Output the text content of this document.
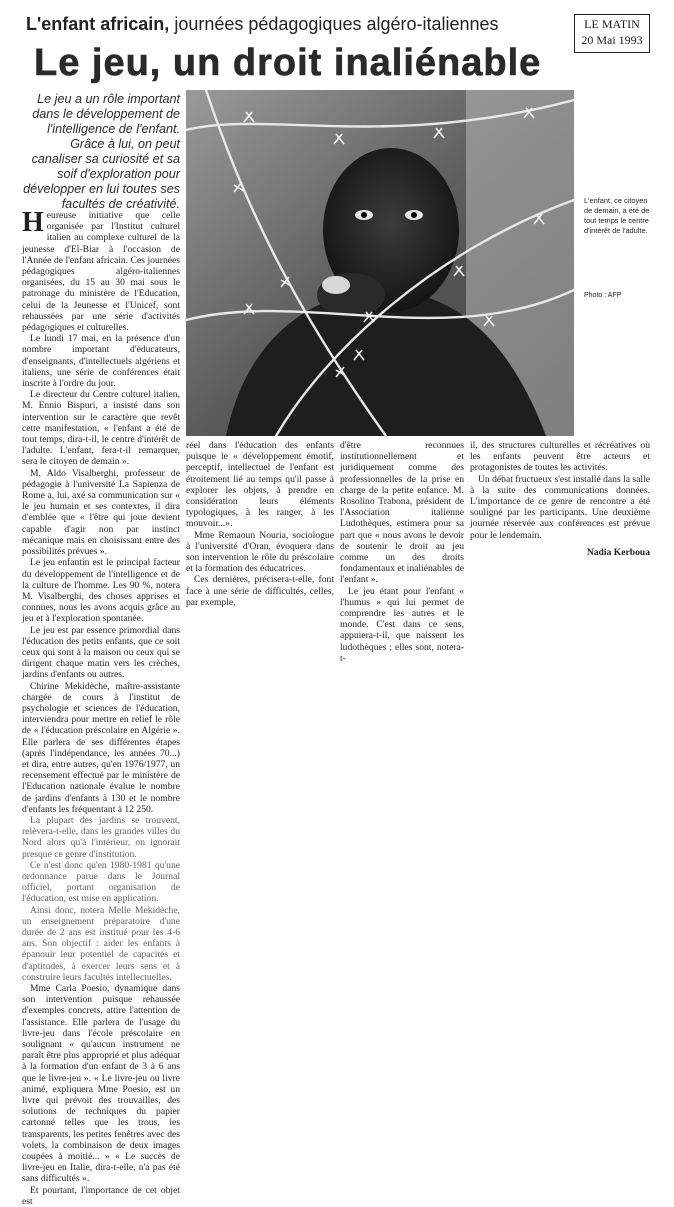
L'enfant africain, journées pédagogiques algéro-italiennes	LE MATIN
20 Mai 1993
Le jeu, un droit inaliénable
Le jeu a un rôle important dans le développement de l'intelligence de l'enfant. Grâce à lui, on peut canaliser sa curiosité et sa soif d'exploration pour développer en lui toutes ses facultés de créativité.	L'enfant, ce citoyen de demain, a été de tout temps le centre d'intérêt de l'adulte.
Photo : AFP

Heureuse initiative que celle organisée par l'Institut culturel italien au complexe culturel de la jeunesse d'El-Biar à l'occasion de l'Année de l'enfant africain. Ces journées pédagogiques algéro-italiennes organisées, du 15 au 30 mai sous le patronage du ministère de l'Education, celui de la Jeunesse et l'Unicef, sont rehaussées par une série d'activités pédagogiques et culturelles.

Le lundi 17 mai, en la présence d'un nombre important d'éducateurs, d'enseignants, d'intellectuels algériens et italiens, une série de conférences était inscrite à l'ordre du jour.

Le directeur du Centre culturel italien, M. Ennio Bispuri, a insisté dans son intervention sur le caractère que revêt cette manifestation, « l'enfant a été de tout temps, dira-t-il, le centre d'intérêt de l'adulte. L'enfant, fera-t-il remarquer, sera le citoyen de demain ».

M. Aldo Visalberghi, professeur de pédagogie à l'université La Sapienza de Rome a, lui, axé sa communication sur « le jeu humain et ses contextes, il dira d'emblée que « l'être qui joue devient capable d'agir non par instinct mécanique mais en choisissant entre des possibilités prévues ».

Le jeu enfantin est le principal facteur du développement de l'intelligence et de la culture de l'homme. Les 90 %, notera M. Visalberghi, des choses apprises et connues, nous les avons acquis grâce au jeu et à l'exploration spontanée.

Le jeu est par essence primordial dans l'éducation des petits enfants, que ce soit ceux qui sont à la maison ou ceux qui se dirigent chaque matin vers les crèches, jardins d'enfants ou autres.

Chirine Mekidèche, maître-assistante chargée de cours à l'institut de psychologie et sciences de l'éducation, interviendra pour mettre en relief le rôle de « l'éducation préscolaire en Algérie ». Elle parlera de ses différentes étapes (après l'indépendance, les années 70...) et dira, entre autres, qu'en 1976/1977, un recensement effectué par le ministère de l'Education nationale évalue le nombre de jardins d'enfants à 130 et le nombre d'enfants les fréquentant à 12 250.

La plupart des jardins se trouvent, relèvera-t-elle, dans les grandes villes du Nord alors qu'à l'intérieur, on ignorait presque ce genre d'institution.

Ce n'est donc qu'en 1980-1981 qu'une ordonnance parue dans le Journal officiel, portant organisation de l'éducation, est mise en application.

Ainsi donc, notera Melle Mekidèche, un enseignement préparatoire d'une durée de 2 ans est institué pour les 4-6 ans. Son objectif : aider les enfants à épanouir leur potentiel de capacités et d'aptitudes, à exercer leurs sens et à construire leurs facultés intellectuelles.

Mme Carla Poesio, dynamique dans son intervention puisque rehaussée d'exemples concrets, attire l'attention de l'assistance. Elle parlera de l'usage du livre-jeu dans l'école préscolaire en soulignant « qu'aucun instrument ne paraît être plus approprié et plus adéquat à la formation d'un enfant de 3 à 6 ans que le livre-jeu ». « Le livre-jeu ou livre animé, expliquera Mme Poesio, est un livre qui prévoit des trouvailles, des solutions de techniques du papier cartonné telles que les trous, les transparents, les petites fenêtres avec des volets, la combinaison de deux images coupées à moitié... » « Le succès de livre-jeu en Italie, dira-t-elle, n'a pas été sans difficultés ».

Et pourtant, l'importance de cet objet est

réel dans l'éducation des enfants puisque le « développement émotif, perceptif, intellectuel de l'enfant est étroitement lié au temps qu'il passe à explorer les objets, à prendre en considération leurs éléments typologiques, à les ranger, à les mouvoir...».

Mme Remaoun Nouria, sociologue à l'université d'Oran, évoquera dans son intervention le rôle du préscolaire et la formation des éducatrices.

Ces dernières, précisera-t-elle, font face à une série de difficultés, celles, par exemple,

d'être reconnues institutionnellement et juridiquement comme des professionnelles de la prise en charge de la petite enfance. M. Rosolino Trabona, président de l'Association italienne Ludothèques, estimera pour sa part que « nous avons le devoir de soutenir le droit au jeu comme un des droits fondamentaux et inaliénables de l'enfant ».

Le jeu étant pour l'enfant « l'humus » qui lui permet de comprendre les autres et le monde. C'est dans ce sens, appuiera-t-il, que naissent les ludothèques ; elles sont, notera-t-

il, des structures culturelles et récréatives où les enfants peuvent être acteurs et protagonistes de toutes les activités.

Un débat fructueux s'est installé dans la salle à la suite des communications données. L'importance de ce genre de rencontre a été souligné par les participants. Une deuxième journée réservée aux conférences est prévue pour le lendemain.

Nadia Kerboua
